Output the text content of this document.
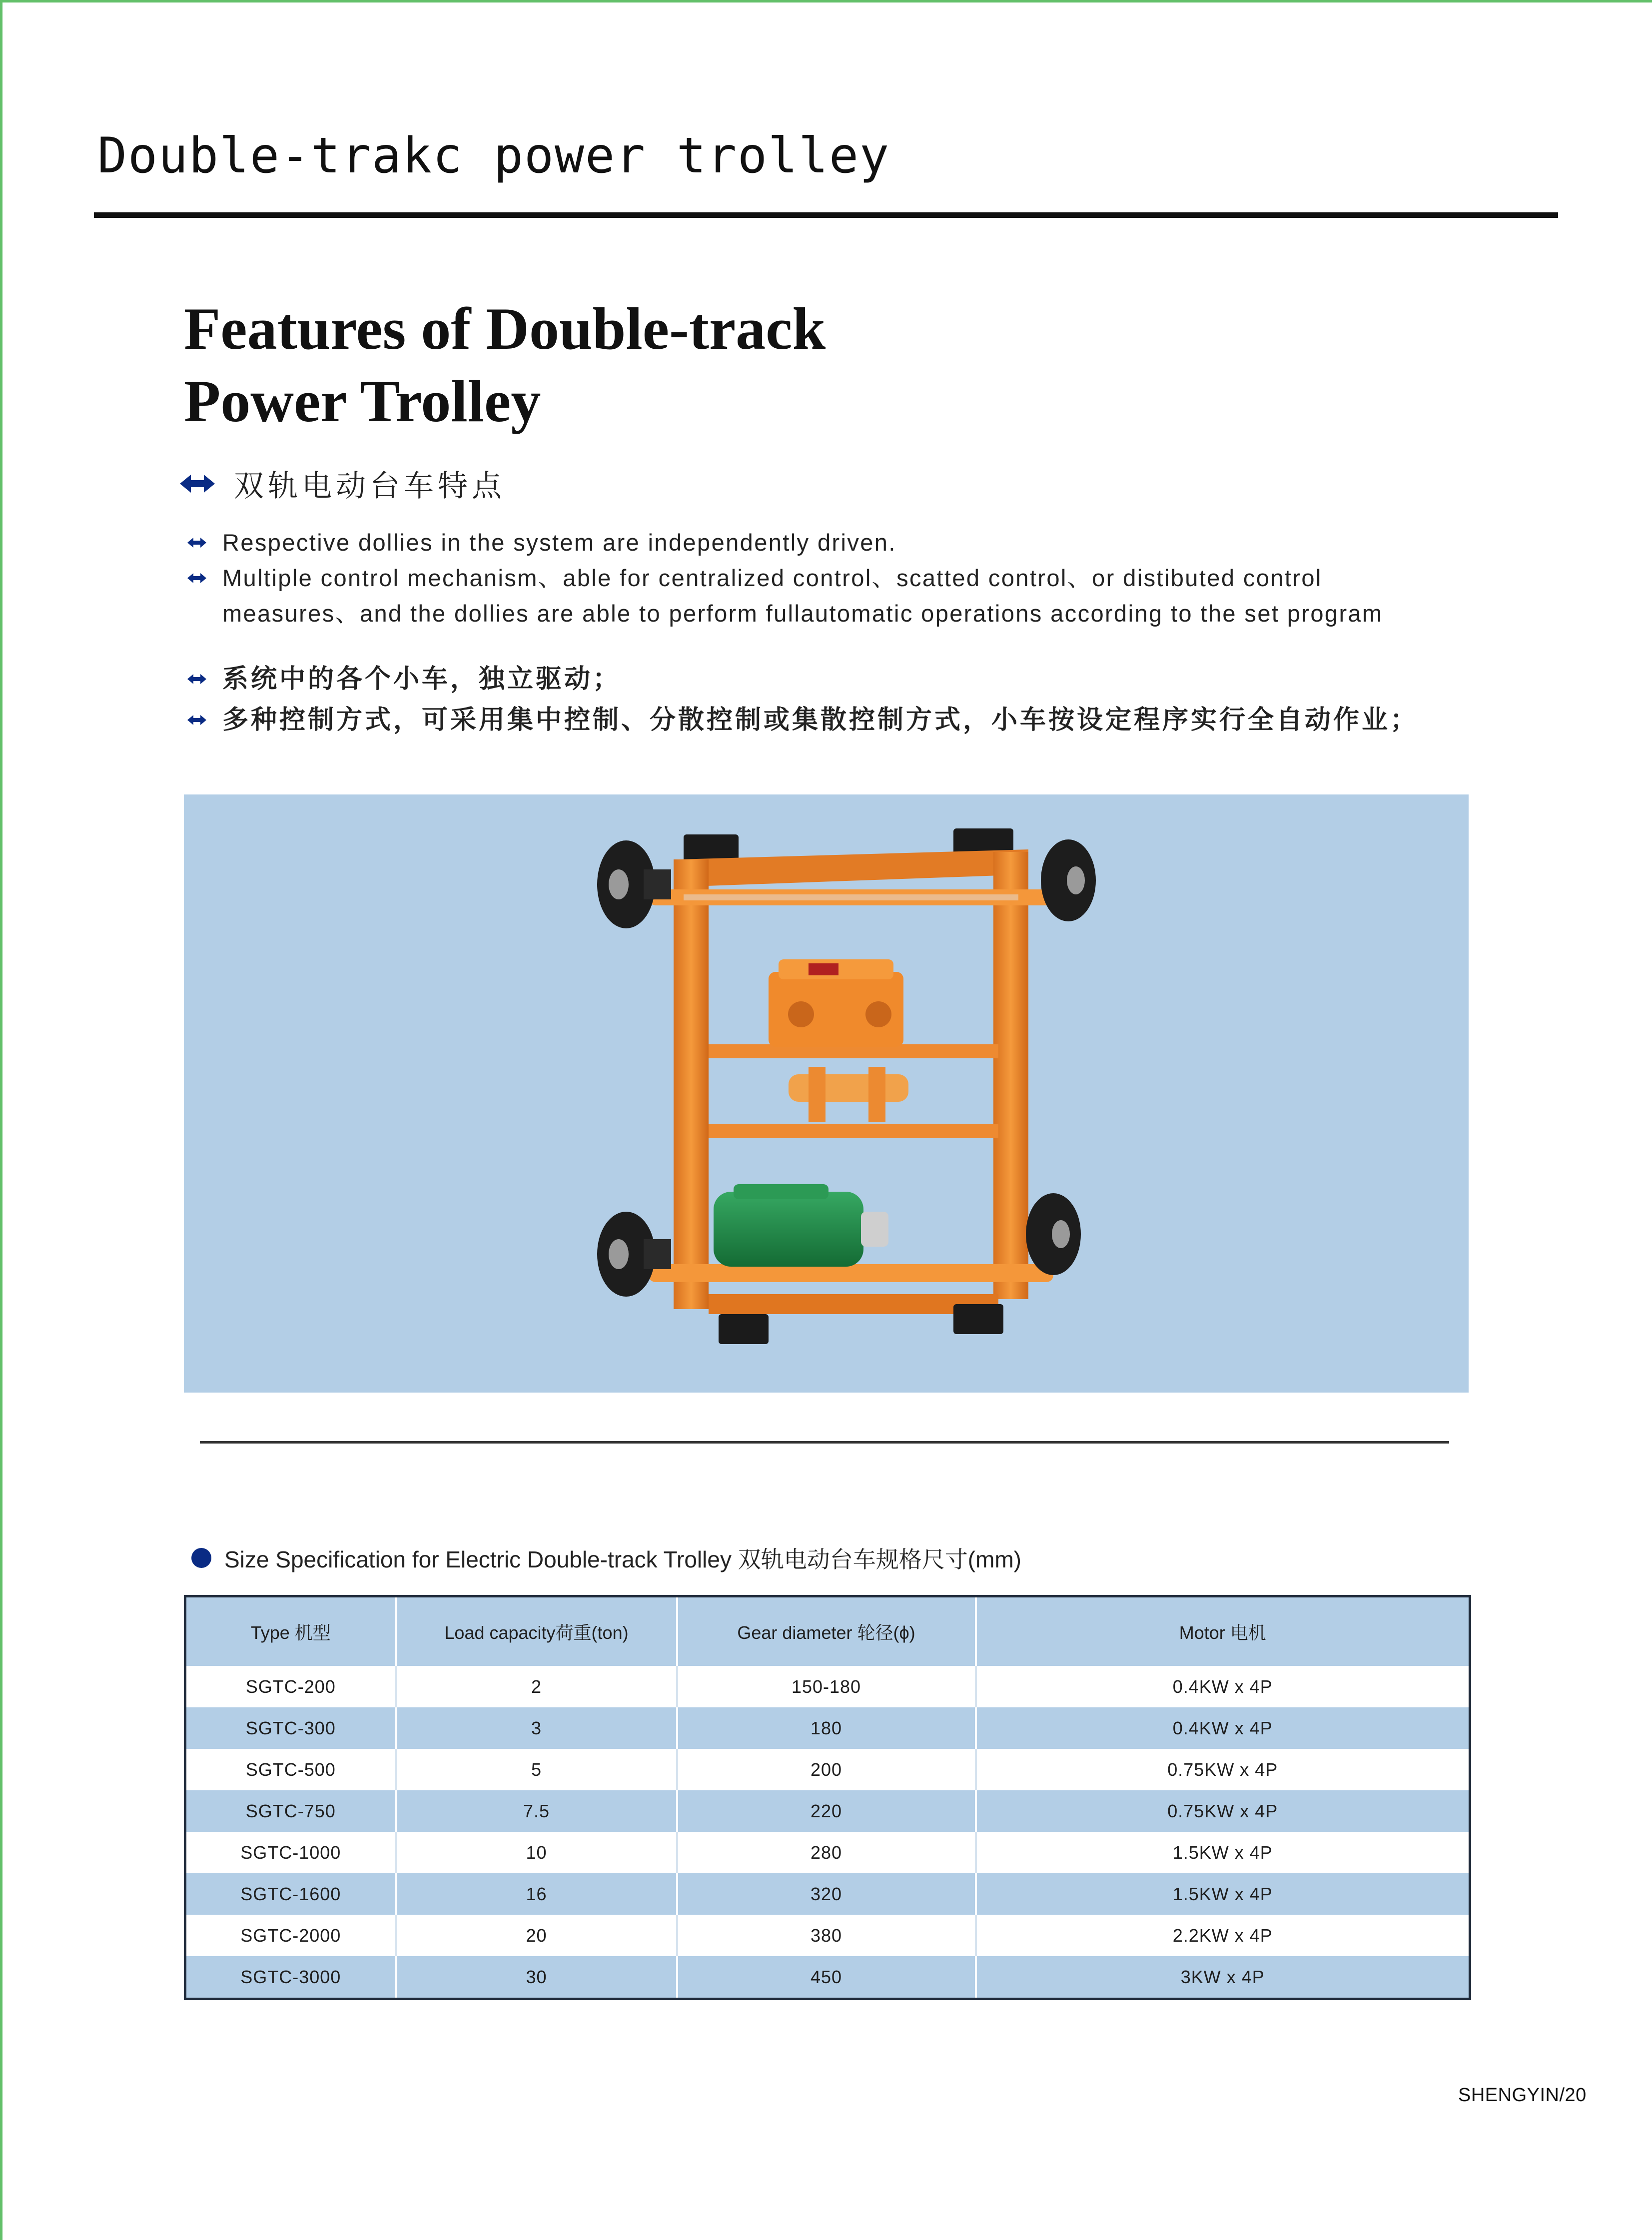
Double-trakc power trolley
Features of Double-track
Power Trolley
双轨电动台车特点
Respective dollies in the system are independently driven.
Multiple control mechanism、able for centralized control、scatted control、or distibuted control
measures、and the dollies are able to perform fullautomatic operations according to the set program
系统中的各个小车，独立驱动；
多种控制方式，可采用集中控制、分散控制或集散控制方式，小车按设定程序实行全自动作业；
Size Specification for Electric Double-track Trolley 双轨电动台车规格尺寸(mm)
Type 机型	Load capacity荷重(ton)	Gear diameter 轮径(ϕ)	Motor 电机
SGTC-200	2	150-180	0.4KW x 4P
SGTC-300	3	180	0.4KW x 4P
SGTC-500	5	200	0.75KW x 4P
SGTC-750	7.5	220	0.75KW x 4P
SGTC-1000	10	280	1.5KW x 4P
SGTC-1600	16	320	1.5KW x 4P
SGTC-2000	20	380	2.2KW x 4P
SGTC-3000	30	450	3KW x 4P
SHENGYIN/20
